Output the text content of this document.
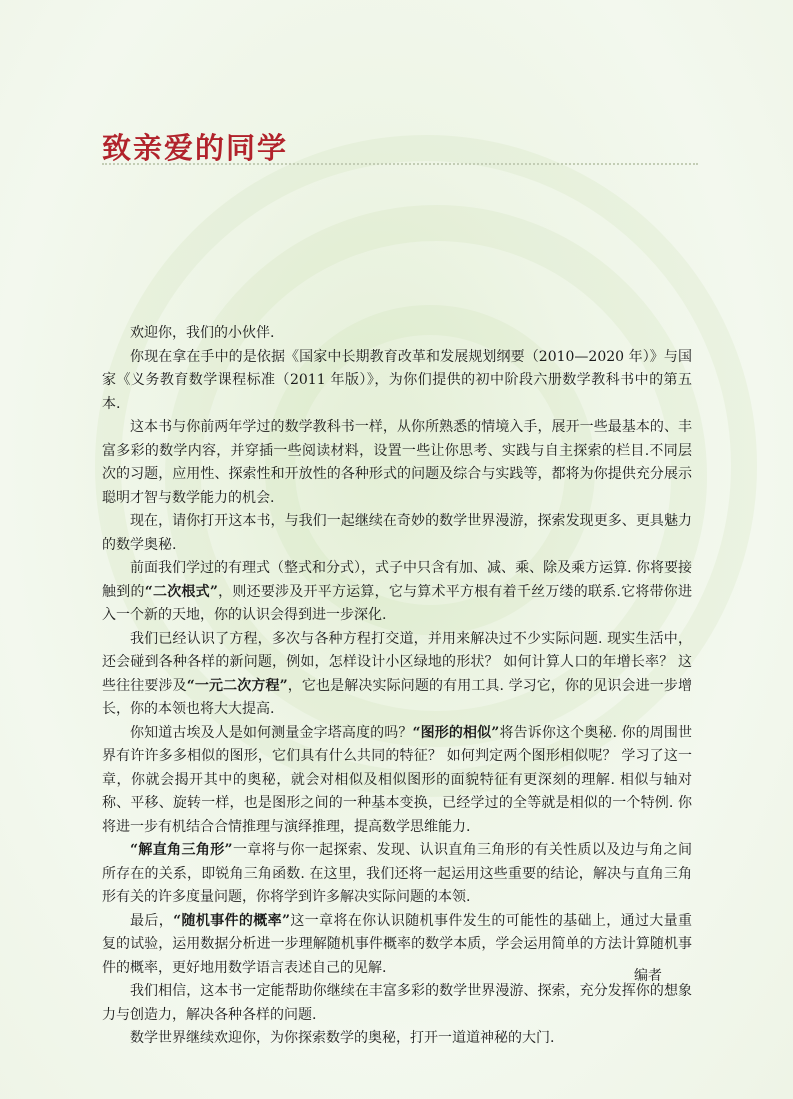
致亲爱的同学

欢迎你，我们的小伙伴.

你现在拿在手中的是依据《国家中长期教育改革和发展规划纲要（2010—2020 年）》与国家《义务教育数学课程标准（2011 年版）》，为你们提供的初中阶段六册数学教科书中的第五本.

这本书与你前两年学过的数学教科书一样，从你所熟悉的情境入手，展开一些最基本的、丰富多彩的数学内容，并穿插一些阅读材料，设置一些让你思考、实践与自主探索的栏目.不同层次的习题，应用性、探索性和开放性的各种形式的问题及综合与实践等，都将为你提供充分展示聪明才智与数学能力的机会.

现在，请你打开这本书，与我们一起继续在奇妙的数学世界漫游，探索发现更多、更具魅力的数学奥秘.

前面我们学过的有理式（整式和分式），式子中只含有加、减、乘、除及乘方运算. 你将要接触到的“二次根式”，则还要涉及开平方运算，它与算术平方根有着千丝万缕的联系.它将带你进入一个新的天地，你的认识会得到进一步深化.

我们已经认识了方程，多次与各种方程打交道，并用来解决过不少实际问题. 现实生活中，还会碰到各种各样的新问题，例如，怎样设计小区绿地的形状？ 如何计算人口的年增长率？ 这些往往要涉及“一元二次方程”，它也是解决实际问题的有用工具. 学习它，你的见识会进一步增长，你的本领也将大大提高.

你知道古埃及人是如何测量金字塔高度的吗？“图形的相似”将告诉你这个奥秘. 你的周围世界有许许多多相似的图形，它们具有什么共同的特征？ 如何判定两个图形相似呢？ 学习了这一章，你就会揭开其中的奥秘，就会对相似及相似图形的面貌特征有更深刻的理解. 相似与轴对称、平移、旋转一样，也是图形之间的一种基本变换，已经学过的全等就是相似的一个特例. 你将进一步有机结合合情推理与演绎推理，提高数学思维能力.

“解直角三角形”一章将与你一起探索、发现、认识直角三角形的有关性质以及边与角之间所存在的关系，即锐角三角函数. 在这里，我们还将一起运用这些重要的结论，解决与直角三角形有关的许多度量问题，你将学到许多解决实际问题的本领.

最后，“随机事件的概率”这一章将在你认识随机事件发生的可能性的基础上，通过大量重复的试验，运用数据分析进一步理解随机事件概率的数学本质，学会运用简单的方法计算随机事件的概率，更好地用数学语言表述自己的见解.

我们相信，这本书一定能帮助你继续在丰富多彩的数学世界漫游、探索，充分发挥你的想象力与创造力，解决各种各样的问题.

数学世界继续欢迎你，为你探索数学的奥秘，打开一道道神秘的大门.

编者
